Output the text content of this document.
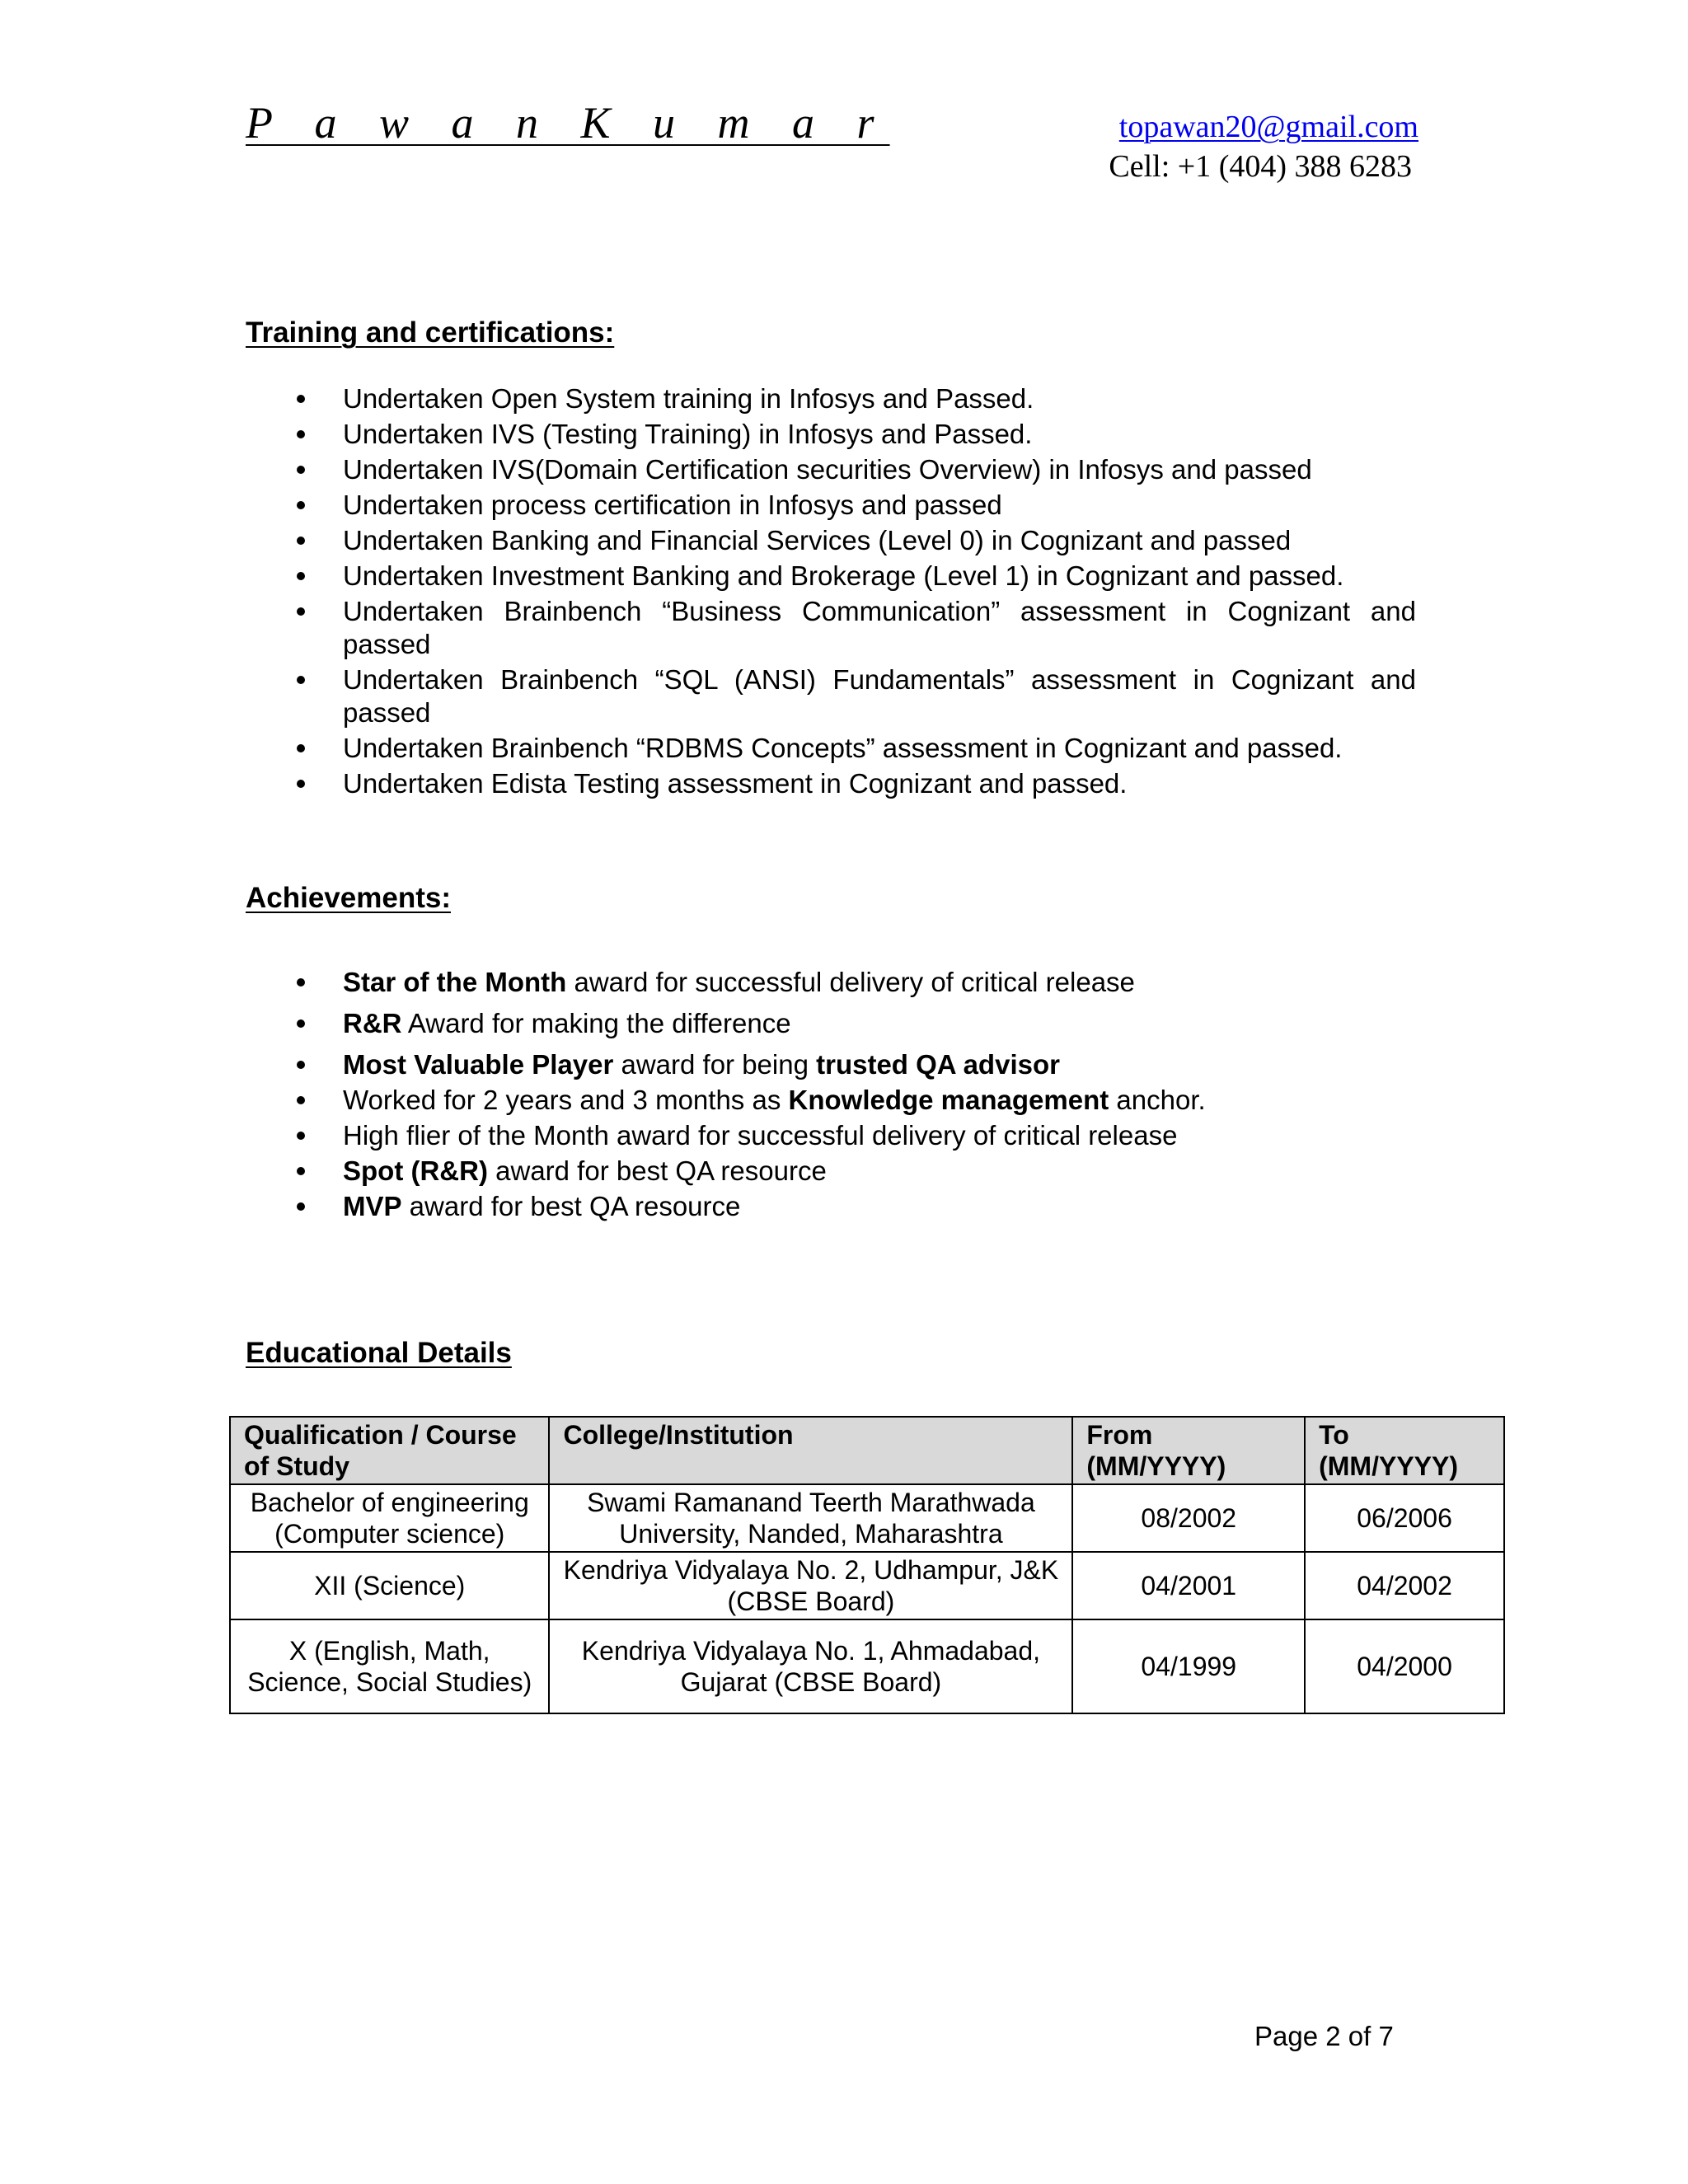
P a w a n K u m a r	topawan20@gmail.com
Cell: +1 (404) 388 6283
Training and certifications:
Undertaken Open System training in Infosys and Passed.
Undertaken IVS (Testing Training) in Infosys and Passed.
Undertaken IVS(Domain Certification securities Overview) in Infosys and passed
Undertaken process certification in Infosys and passed
Undertaken Banking and Financial Services (Level 0) in Cognizant and passed
Undertaken Investment Banking and Brokerage (Level 1) in Cognizant and passed.
Undertaken Brainbench “Business Communication” assessment in Cognizant and passed
Undertaken Brainbench “SQL (ANSI) Fundamentals” assessment in Cognizant and passed
Undertaken Brainbench “RDBMS Concepts” assessment in Cognizant and passed.
Undertaken Edista Testing assessment in Cognizant and passed.
Achievements:
Star of the Month award for successful delivery of critical release
R&R Award for making the difference
Most Valuable Player award for being trusted QA advisor
Worked for 2 years and 3 months as Knowledge management anchor.
High flier of the Month award for successful delivery of critical release
Spot (R&R) award for best QA resource
MVP award for best QA resource
Educational Details
Qualification / Course of Study	College/Institution	From (MM/YYYY)	To (MM/YYYY)
Bachelor of engineering (Computer science)	Swami Ramanand Teerth Marathwada University, Nanded, Maharashtra	08/2002	06/2006
XII (Science)	Kendriya Vidyalaya No. 2, Udhampur, J&K (CBSE Board)	04/2001	04/2002
X (English, Math, Science, Social Studies)	Kendriya Vidyalaya No. 1, Ahmadabad, Gujarat (CBSE Board)	04/1999	04/2000
Page 2 of 7
